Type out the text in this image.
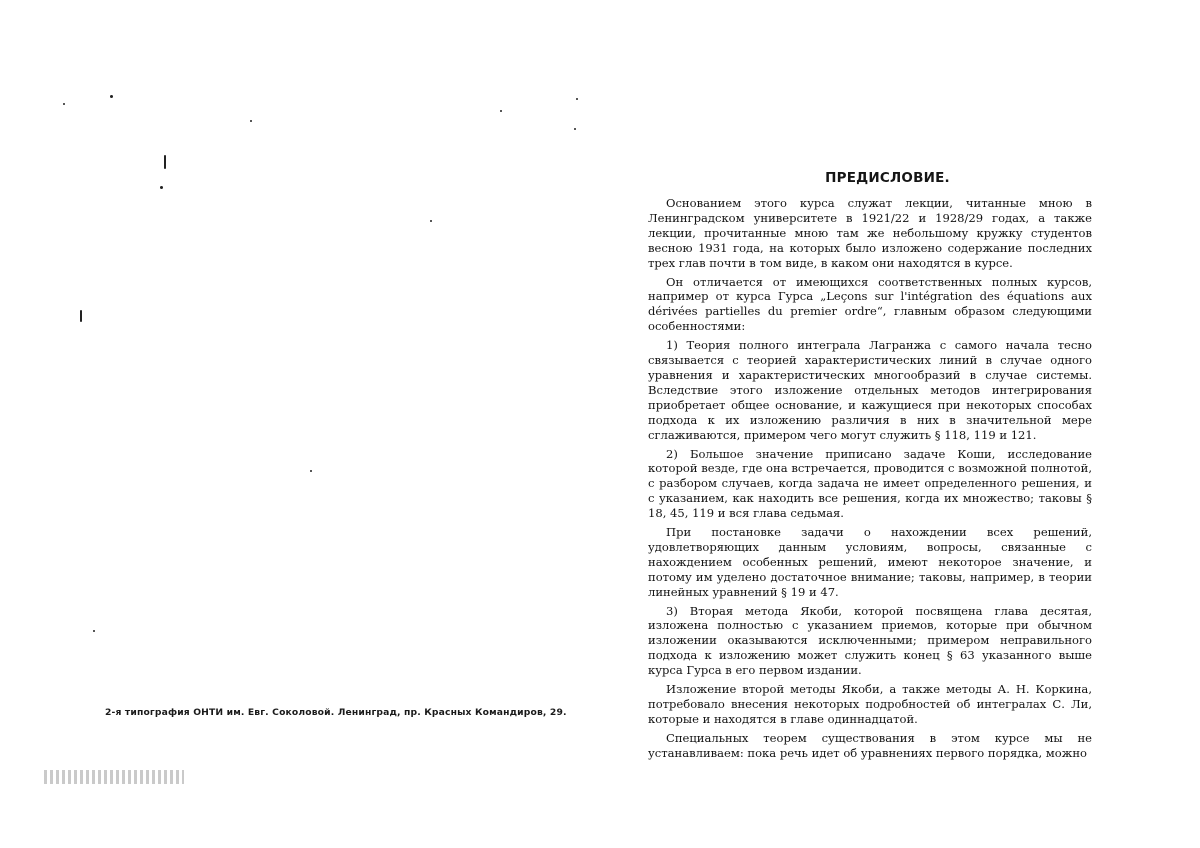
2-я типография ОНТИ им. Евг. Соколовой. Ленинград, пр. Красных Командиров, 29.
ПРЕДИСЛОВИЕ.

Основанием этого курса служат лекции, читанные мною в Ленинградском университете в 1921/22 и 1928/29 годах, а также лекции, прочитанные мною там же небольшому кружку студентов весною 1931 года, на которых было изложено содержание последних трех глав почти в том виде, в каком они находятся в курсе.

Он отличается от имеющихся соответственных полных курсов, например от курса Гурса „Leçons sur l'intégration des équations aux dérivées partielles du premier ordre“, главным образом следующими особенностями:

1) Теория полного интеграла Лагранжа с самого начала тесно связывается с теорией характеристических линий в случае одного уравнения и характеристических многообразий в случае системы. Вследствие этого изложение отдельных методов интегрирования приобретает общее основание, и кажущиеся при некоторых способах подхода к их изложению различия в них в значительной мере сглаживаются, примером чего могут служить § 118, 119 и 121.

2) Большое значение приписано задаче Коши, исследование которой везде, где она встречается, проводится с возможной полнотой, с разбором случаев, когда задача не имеет определенного решения, и с указанием, как находить все решения, когда их множество; таковы § 18, 45, 119 и вся глава седьмая.

При постановке задачи о нахождении всех решений, удовлетворяющих данным условиям, вопросы, связанные с нахождением особенных решений, имеют некоторое значение, и потому им уделено достаточное внимание; таковы, например, в теории линейных уравнений § 19 и 47.

3) Вторая метода Якоби, которой посвящена глава десятая, изложена полностью с указанием приемов, которые при обычном изложении оказываются исключенными; примером неправильного подхода к изложению может служить конец § 63 указанного выше курса Гурса в его первом издании.

Изложение второй методы Якоби, а также методы А. Н. Коркина, потребовало внесения некоторых подробностей об интегралах С. Ли, которые и находятся в главе одиннадцатой.

Специальных теорем существования в этом курсе мы не устанавливаем: пока речь идет об уравнениях первого порядка, можно
